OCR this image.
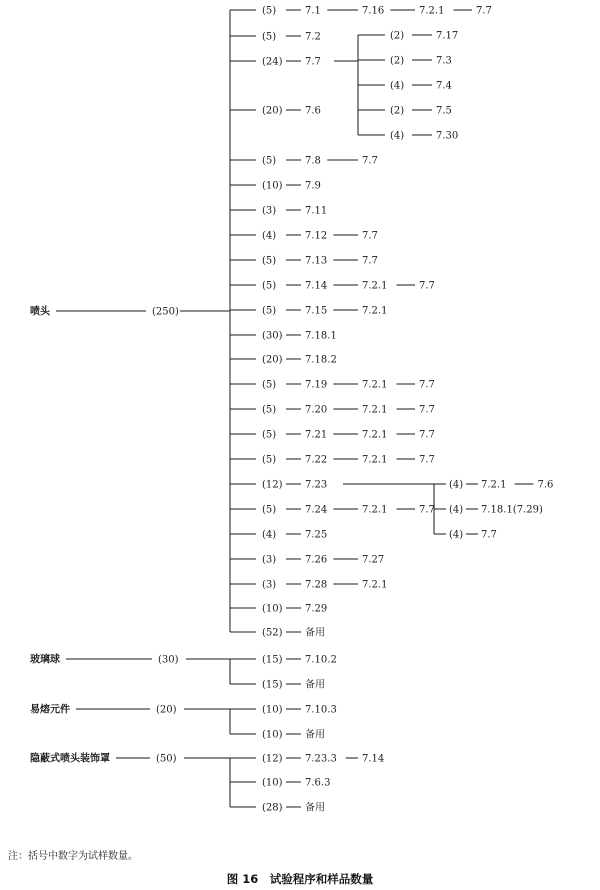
喷头	(250)
(5)	7.1	7.16	7.2.1	7.7
(5)	7.2
(24) 7.7
(20) 7.6
(5)	7.8	7.7
(10) 7.9
(3)	7.11
(4)	7.12	7.7
(5)	7.13	7.7
(5)	7.14	7.2.1	7.7
(5)	7.15	7.2.1
(30) 7.18.1
(20) 7.18.2
(5)	7.19	7.2.1	7.7
(5)	7.20	7.2.1	7.7
(5)	7.21	7.2.1	7.7
(5)	7.22	7.2.1	7.7
(12) 7.23
(5)	7.24	7.2.1	7.7
(4)	7.25
(3)	7.26	7.27
(3)	7.28	7.2.1
(10) 7.29
(52) 备用
玻璃球	(30)	(15) 7.10.2
(15) 备用
易熔元件	(20)	(10) 7.10.3
(10) 备用
隐蔽式喷头装饰罩	(50)	(12) 7.23.3	7.14
(10) 7.6.3
(28) 备用
(2)	7.17
(2)	7.3
(4)	7.4
(2)	7.5
(4)	7.30
(4) 7.2.1	7.6
(4) 7.18.1(7.29)
(4) 7.7
注：括号中数字为试样数量。
图 16　试验程序和样品数量
